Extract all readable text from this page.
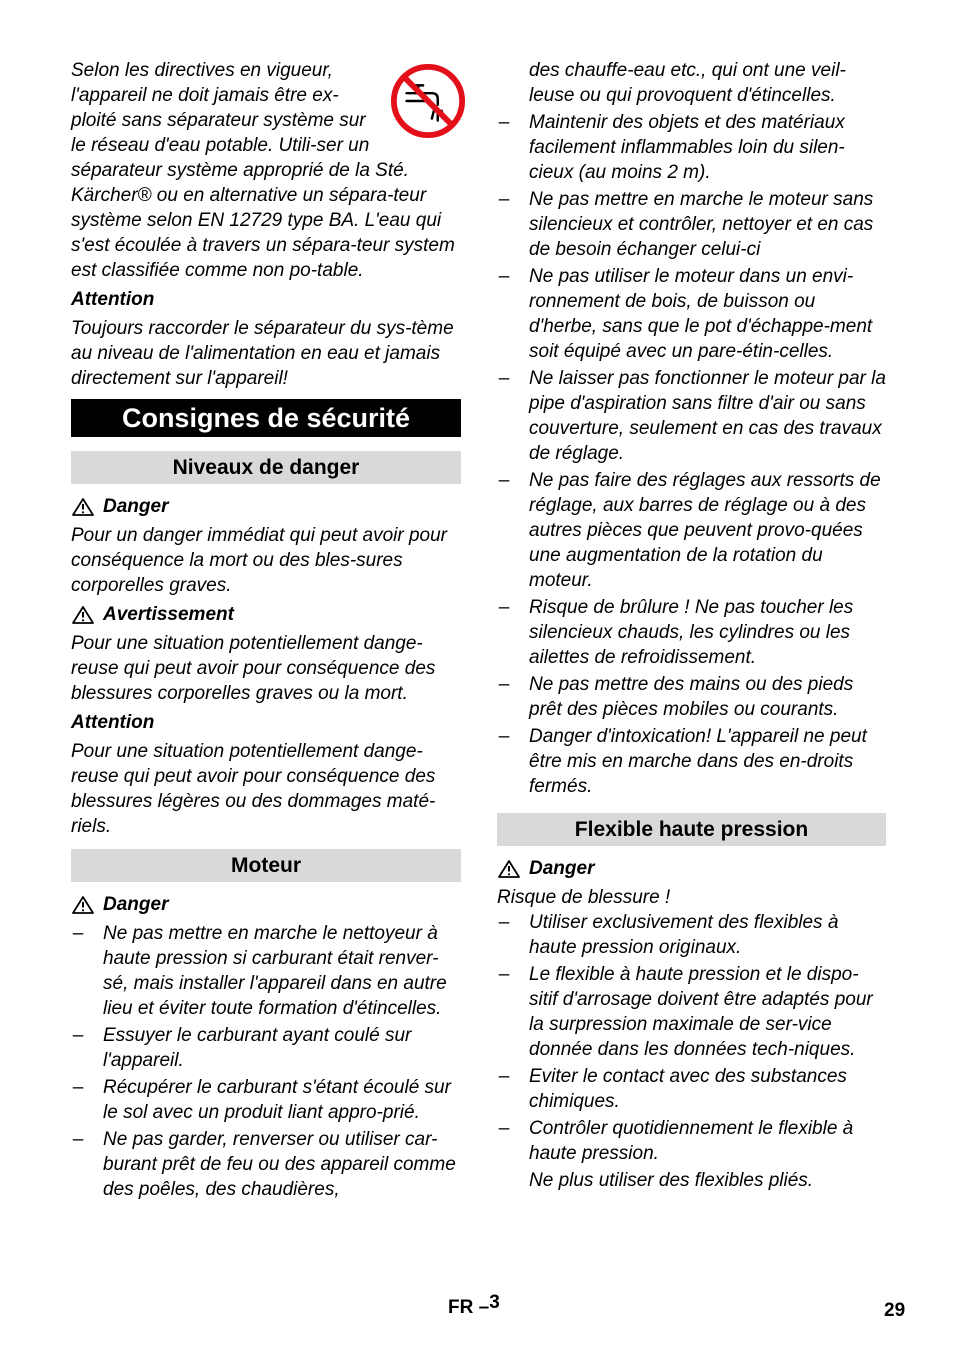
Selon les directives en vigueur, l'appareil ne doit jamais être ex-ploité sans séparateur système sur le réseau d'eau potable. Utili-ser un séparateur système approprié de la Sté. Kärcher® ou en alternative un sépara-teur système selon EN 12729 type BA. L'eau qui s'est écoulée à travers un sépara-teur system est classifiée comme non po-table.

Attention

Toujours raccorder le séparateur du sys-tème au niveau de l'alimentation en eau et jamais directement sur l'appareil!

Consignes de sécurité
Niveaux de danger
Danger

Pour un danger immédiat qui peut avoir pour conséquence la mort ou des bles-sures corporelles graves.

Avertissement

Pour une situation potentiellement dange-reuse qui peut avoir pour conséquence des blessures corporelles graves ou la mort.

Attention

Pour une situation potentiellement dange-reuse qui peut avoir pour conséquence des blessures légères ou des dommages maté-riels.

Moteur
Danger
– Ne pas mettre en marche le nettoyeur à haute pression si carburant était renver-sé, mais installer l'appareil dans en autre lieu et éviter toute formation d'étincelles.
– Essuyer le carburant ayant coulé sur l'appareil.
– Récupérer le carburant s'étant écoulé sur le sol avec un produit liant appro-prié.
– Ne pas garder, renverser ou utiliser car-burant prêt de feu ou des appareil comme des poêles, des chaudières,

des chauffe-eau etc., qui ont une veil-leuse ou qui provoquent d'étincelles.

– Maintenir des objets et des matériaux facilement inflammables loin du silen-cieux (au moins 2 m).
– Ne pas mettre en marche le moteur sans silencieux et contrôler, nettoyer et en cas de besoin échanger celui-ci
– Ne pas utiliser le moteur dans un envi-ronnement de bois, de buisson ou d'herbe, sans que le pot d'échappe-ment soit équipé avec un pare-étin-celles.
– Ne laisser pas fonctionner le moteur par la pipe d'aspiration sans filtre d'air ou sans couverture, seulement en cas des travaux de réglage.
– Ne pas faire des réglages aux ressorts de réglage, aux barres de réglage ou à des autres pièces que peuvent provo-quées une augmentation de la rotation du moteur.
– Risque de brûlure ! Ne pas toucher les silencieux chauds, les cylindres ou les ailettes de refroidissement.
– Ne pas mettre des mains ou des pieds prêt des pièces mobiles ou courants.
– Danger d'intoxication! L'appareil ne peut être mis en marche dans des en-droits fermés.
Flexible haute pression
Danger

Risque de blessure !

– Utiliser exclusivement des flexibles à haute pression originaux.
– Le flexible à haute pression et le dispo-sitif d'arrosage doivent être adaptés pour la surpression maximale de ser-vice donnée dans les données tech-niques.
– Eviter le contact avec des substances chimiques.
– Contrôler quotidiennement le flexible à haute pression.

Ne plus utiliser des flexibles pliés.

FR –3	29
